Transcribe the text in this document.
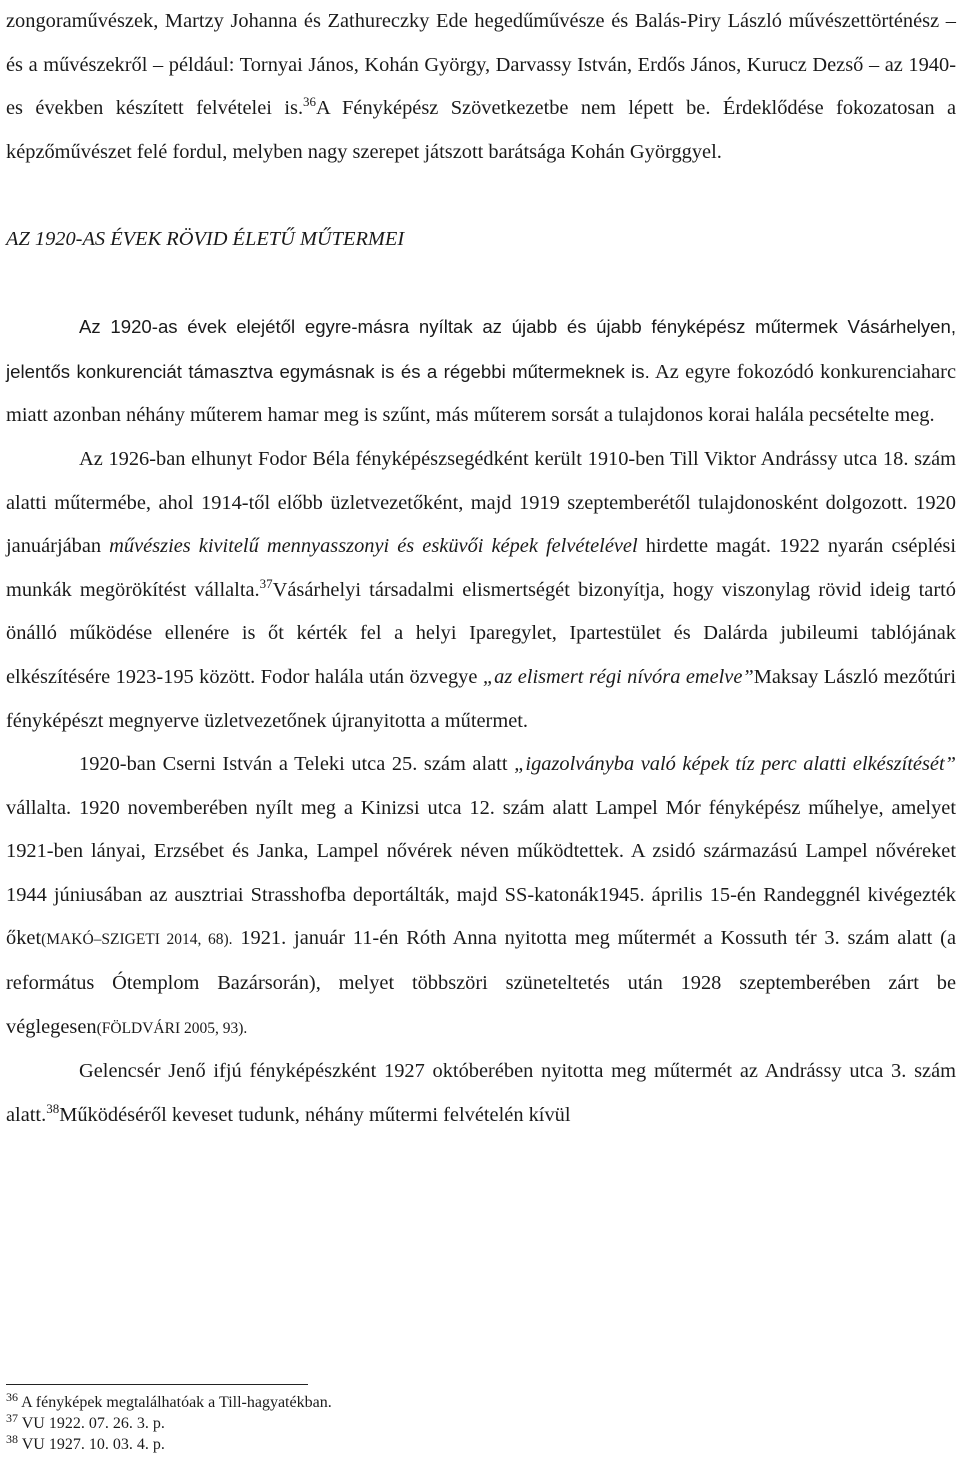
zongoraművészek, Martzy Johanna és Zathureczky Ede hegedűművésze és Balás-Piry László művészettörténész – és a művészekről – például: Tornyai János, Kohán György, Darvassy István, Erdős János, Kurucz Dezső – az 1940-es években készített felvételei is.$^{36}$A Fényképész Szövetkezetbe nem lépett be. Érdeklődése fokozatosan a képzőművészet felé fordul, melyben nagy szerepet játszott barátsága Kohán Györggyel.

AZ 1920-AS ÉVEK RÖVID ÉLETŰ MŰTERMEI

Az 1920-as évek elejétől egyre-másra nyíltak az újabb és újabb fényképész műtermek Vásárhelyen, jelentős konkurenciát támasztva egymásnak is és a régebbi műtermeknek is. Az egyre fokozódó konkurenciaharc miatt azonban néhány műterem hamar meg is szűnt, más műterem sorsát a tulajdonos korai halála pecsételte meg.

Az 1926-ban elhunyt Fodor Béla fényképészsegédként került 1910-ben Till Viktor Andrássy utca 18. szám alatti műtermébe, ahol 1914-től előbb üzletvezetőként, majd 1919 szeptemberétől tulajdonosként dolgozott. 1920 januárjában művészies kivitelű mennyasszonyi és esküvői képek felvételével hirdette magát. 1922 nyarán cséplési munkák megörökítést vállalta.$^{37}$Vásárhelyi társadalmi elismertségét bizonyítja, hogy viszonylag rövid ideig tartó önálló működése ellenére is őt kérték fel a helyi Iparegylet, Ipartestület és Dalárda jubileumi tablójának elkészítésére 1923-195 között. Fodor halála után özvegye „az elismert régi nívóra emelve”Maksay László mezőtúri fényképészt megnyerve üzletvezetőnek újranyitotta a műtermet.

1920-ban Cserni István a Teleki utca 25. szám alatt „igazolványba való képek tíz perc alatti elkészítését” vállalta. 1920 novemberében nyílt meg a Kinizsi utca 12. szám alatt Lampel Mór fényképész műhelye, amelyet 1921-ben lányai, Erzsébet és Janka, Lampel nővérek néven működtettek. A zsidó származású Lampel nővéreket 1944 júniusában az ausztriai Strasshofba deportálták, majd SS-katonák1945. április 15-én Randeggnél kivégezték őket(MAKÓ–SZIGETI 2014, 68). 1921. január 11-én Róth Anna nyitotta meg műtermét a Kossuth tér 3. szám alatt (a református Ótemplom Bazársorán), melyet többszöri szüneteltetés után 1928 szeptemberében zárt be véglegesen(FÖLDVÁRI 2005, 93).

Gelencsér Jenő ifjú fényképészként 1927 októberében nyitotta meg műtermét az Andrássy utca 3. szám alatt.$^{38}$Működéséről keveset tudunk, néhány műtermi felvételén kívül

$^{36}$ A fényképek megtalálhatóak a Till-hagyatékban.
$^{37}$ VU 1922. 07. 26. 3. p.
$^{38}$ VU 1927. 10. 03. 4. p.
